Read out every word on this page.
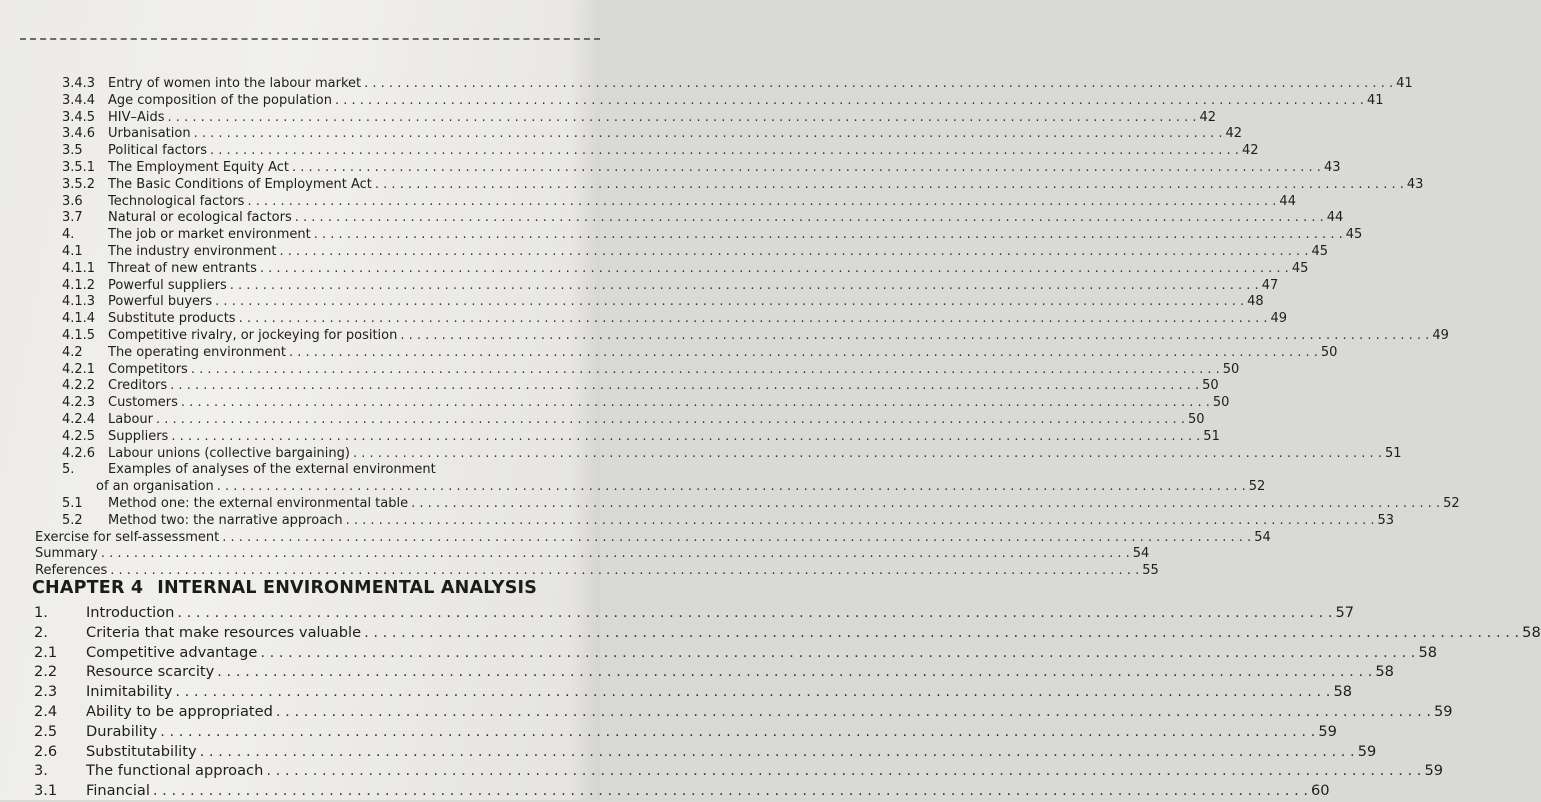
3.4.3 Entry of women into the labour market . . .	41
3.4.4 Age composition of the population . . .	41
3.4.5 HIV–Aids . . .	42
3.4.6 Urbanisation . . .	42
3.5	Political factors . . .	42
3.5.1 The Employment Equity Act . . .	43
3.5.2 The Basic Conditions of Employment Act . . .	43
3.6	Technological factors . . .	44
3.7	Natural or ecological factors . . .	44
4.	The job or market environment . . .	45
4.1	The industry environment . . .	45
4.1.1 Threat of new entrants . . .	45
4.1.2 Powerful suppliers . . .	47
4.1.3 Powerful buyers . . .	48
4.1.4 Substitute products . . .	49
4.1.5 Competitive rivalry, or jockeying for position . . .	49
4.2	The operating environment . . .	50
4.2.1 Competitors . . .	50
4.2.2 Creditors . . .	50
4.2.3 Customers . . .	50
4.2.4 Labour . . .	50
4.2.5 Suppliers . . .	51
4.2.6 Labour unions (collective bargaining) . . .	51
5.	Examples of analyses of the external environment
of an organisation . . .	52
5.1	Method one: the external environmental table . . .	52
5.2	Method two: the narrative approach . . .	53
Exercise for self-assessment . . .	54
Summary . . .	54
References . . .	55
CHAPTER 4 INTERNAL ENVIRONMENTAL ANALYSIS
1.	Introduction . . .	57
2.	Criteria that make resources valuable . . .	58
2.1	Competitive advantage . . .	58
2.2	Resource scarcity . . .	58
2.3	Inimitability . . .	58
2.4	Ability to be appropriated . . .	59
2.5	Durability . . .	59
2.6	Substitutability . . .	59
3.	The functional approach . . .	59
3.1	Financial . . .	60
